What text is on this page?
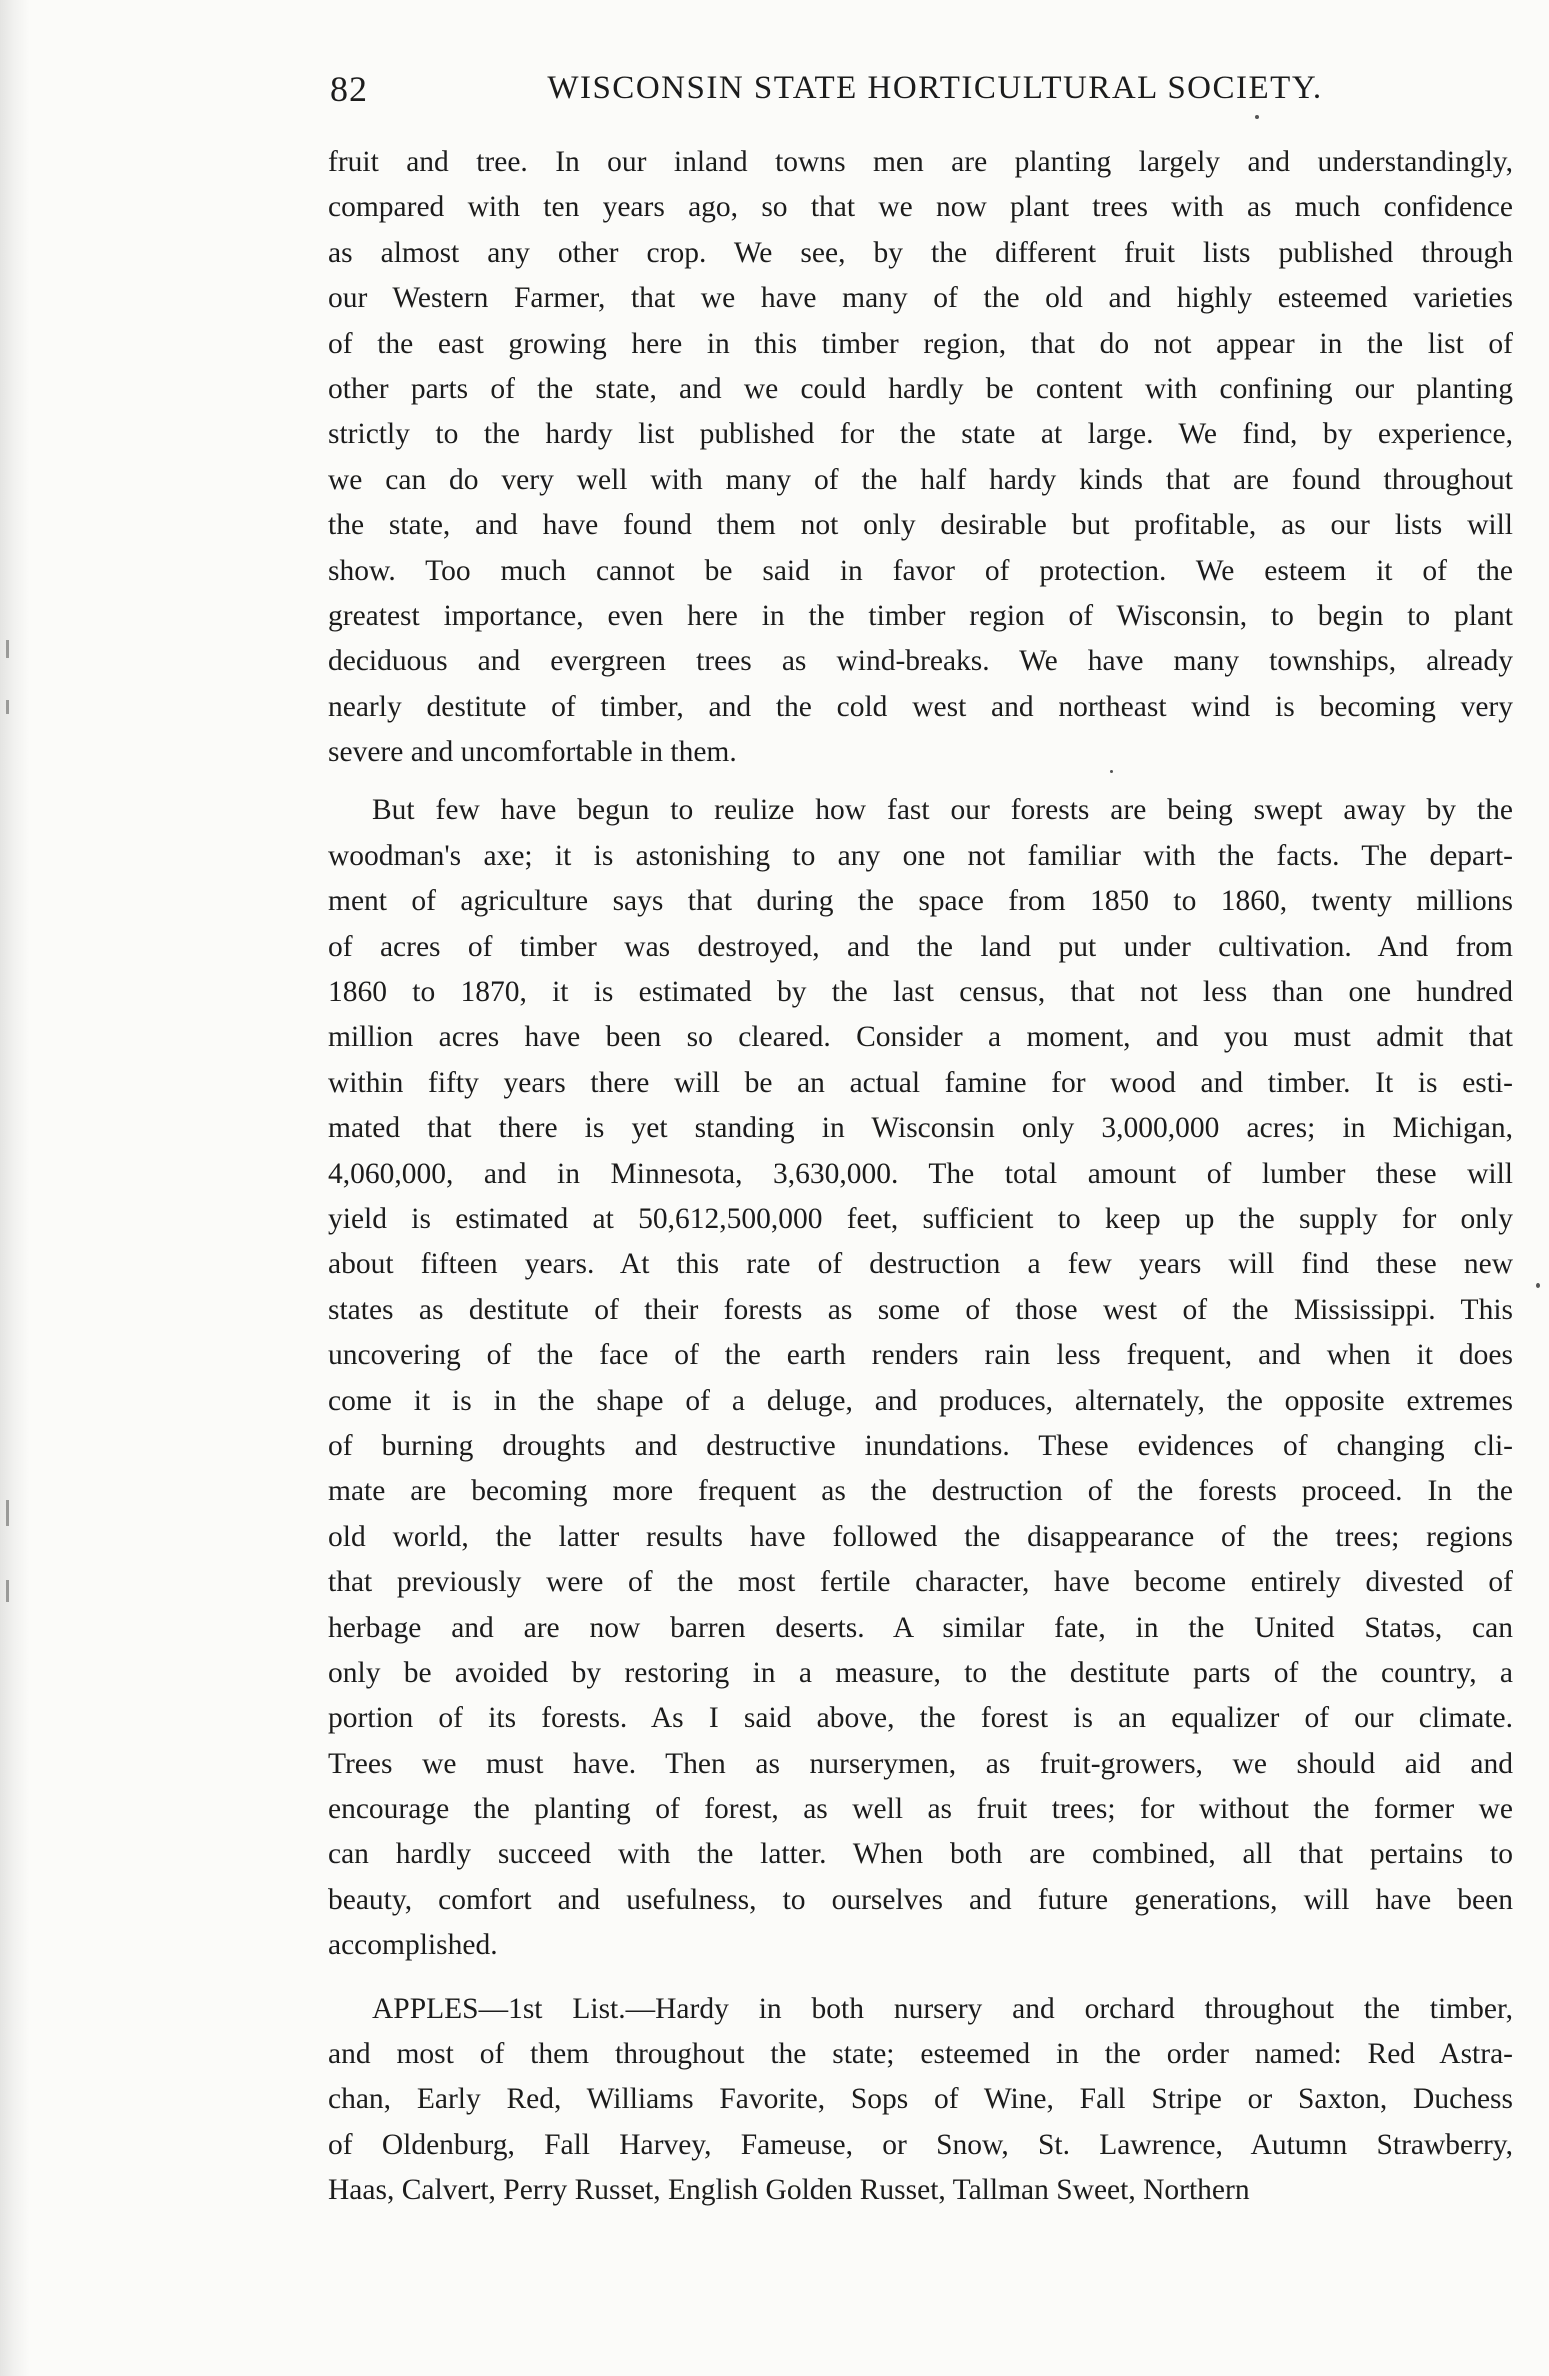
82	WISCONSIN STATE HORTICULTURAL SOCIETY.
fruit and tree. In our inland towns men are planting largely and understandingly,
compared with ten years ago, so that we now plant trees with as much confidence
as almost any other crop. We see, by the different fruit lists published through
our Western Farmer, that we have many of the old and highly esteemed varieties
of the east growing here in this timber region, that do not appear in the list of
other parts of the state, and we could hardly be content with confining our planting
strictly to the hardy list published for the state at large. We find, by experience,
we can do very well with many of the half hardy kinds that are found throughout
the state, and have found them not only desirable but profitable, as our lists will
show. Too much cannot be said in favor of protection. We esteem it of the
greatest importance, even here in the timber region of Wisconsin, to begin to plant
deciduous and evergreen trees as wind-breaks. We have many townships, already
nearly destitute of timber, and the cold west and northeast wind is becoming very
severe and uncomfortable in them.
But few have begun to reulize how fast our forests are being swept away by the
woodman's axe; it is astonishing to any one not familiar with the facts. The depart-
ment of agriculture says that during the space from 1850 to 1860, twenty millions
of acres of timber was destroyed, and the land put under cultivation. And from
1860 to 1870, it is estimated by the last census, that not less than one hundred
million acres have been so cleared. Consider a moment, and you must admit that
within fifty years there will be an actual famine for wood and timber. It is esti-
mated that there is yet standing in Wisconsin only 3,000,000 acres; in Michigan,
4,060,000, and in Minnesota, 3,630,000. The total amount of lumber these will
yield is estimated at 50,612,500,000 feet, sufficient to keep up the supply for only
about fifteen years. At this rate of destruction a few years will find these new
states as destitute of their forests as some of those west of the Mississippi. This
uncovering of the face of the earth renders rain less frequent, and when it does
come it is in the shape of a deluge, and produces, alternately, the opposite extremes
of burning droughts and destructive inundations. These evidences of changing cli-
mate are becoming more frequent as the destruction of the forests proceed. In the
old world, the latter results have followed the disappearance of the trees; regions
that previously were of the most fertile character, have become entirely divested of
herbage and are now barren deserts. A similar fate, in the United Statəs, can
only be avoided by restoring in a measure, to the destitute parts of the country, a
portion of its forests. As I said above, the forest is an equalizer of our climate.
Trees we must have. Then as nurserymen, as fruit-growers, we should aid and
encourage the planting of forest, as well as fruit trees; for without the former we
can hardly succeed with the latter. When both are combined, all that pertains to
beauty, comfort and usefulness, to ourselves and future generations, will have been
accomplished.
APPLES—1st List.—Hardy in both nursery and orchard throughout the timber,
and most of them throughout the state; esteemed in the order named: Red Astra-
chan, Early Red, Williams Favorite, Sops of Wine, Fall Stripe or Saxton, Duchess
of Oldenburg, Fall Harvey, Fameuse, or Snow, St. Lawrence, Autumn Strawberry,
Haas, Calvert, Perry Russet, English Golden Russet, Tallman Sweet, Northern
